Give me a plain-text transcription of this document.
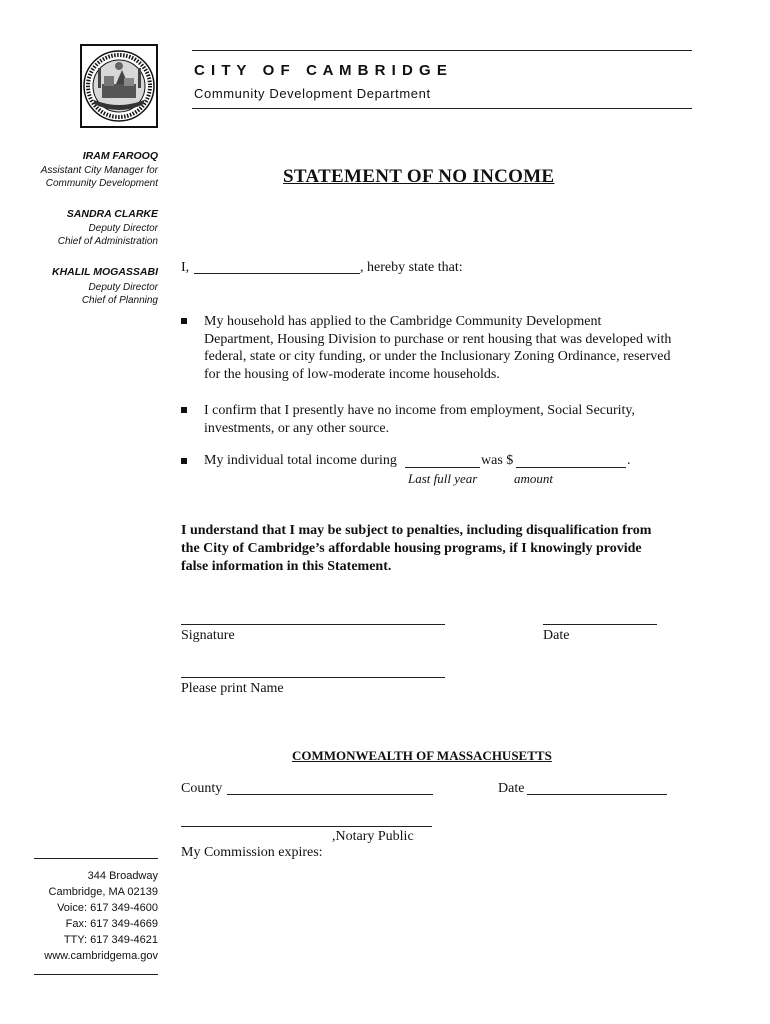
C I T Y   O F   C A M B R I D G E
Community Development Department
IRAM FAROOQ
Assistant City Manager for
Community Development
SANDRA CLARKE
Deputy Director
Chief of Administration
KHALIL MOGASSABI
Deputy Director
Chief of Planning
STATEMENT OF NO INCOME
I,	, hereby state that:
My household has applied to the Cambridge Community Development Department, Housing Division to purchase or rent housing that was developed with federal, state or city funding, or under the Inclusionary Zoning Ordinance, reserved for the housing of low-moderate income households.
I confirm that I presently have no income from employment, Social Security, investments, or any other source.
My individual total income during	was $	.
Last full year	amount
I understand that I may be subject to penalties, including disqualification from the City of Cambridge’s affordable housing programs, if I knowingly provide false information in this Statement.
Signature	Date
Please print Name
COMMONWEALTH OF MASSACHUSETTS
County	Date
,Notary Public
My Commission expires:
344 Broadway
Cambridge, MA 02139
Voice: 617 349-4600
Fax: 617 349-4669
TTY: 617 349-4621
www.cambridgema.gov
